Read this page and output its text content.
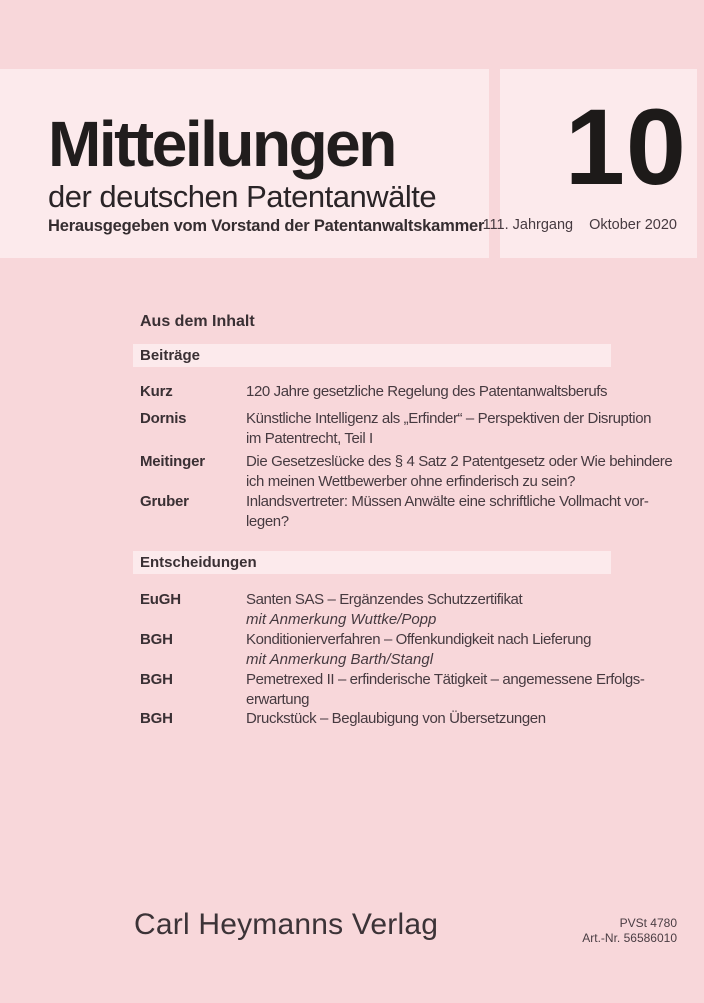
Mitteilungen
der deutschen Patentanwälte
Herausgegeben vom Vorstand der Patentanwaltskammer
10
111. Jahrgang Oktober 2020
Aus dem Inhalt
Beiträge
Kurz	120 Jahre gesetzliche Regelung des Patentanwaltsberufs
Dornis	Künstliche Intelligenz als „Erfinder“ – Perspektiven der Disruption
im Patentrecht, Teil I
Meitinger	Die Gesetzeslücke des § 4 Satz 2 Patentgesetz oder Wie behindere
ich meinen Wettbewerber ohne erfinderisch zu sein?
Gruber	Inlandsvertreter: Müssen Anwälte eine schriftliche Vollmacht vor-
legen?
Entscheidungen
EuGH	Santen SAS – Ergänzendes Schutzzertifikat
mit Anmerkung Wuttke/Popp
BGH	Konditionierverfahren – Offenkundigkeit nach Lieferung
mit Anmerkung Barth/Stangl
BGH	Pemetrexed II – erfinderische Tätigkeit – angemessene Erfolgs-
erwartung
BGH	Druckstück – Beglaubigung von Übersetzungen
Carl Heymanns Verlag	PVSt 4780
Art.-Nr. 56586010
